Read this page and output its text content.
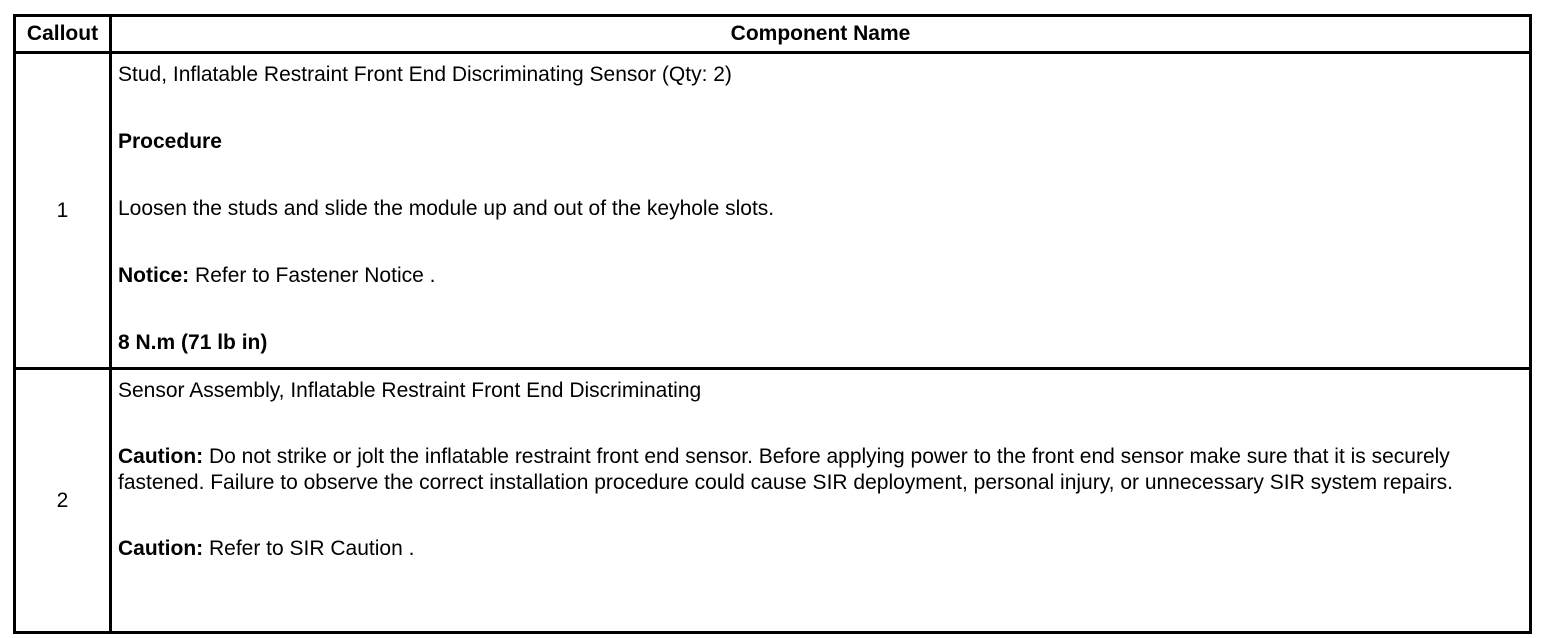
Callout	Component Name
1	Stud, Inflatable Restraint Front End Discriminating Sensor (Qty: 2)

Procedure

Loosen the studs and slide the module up and out of the keyhole slots.

Notice: Refer to Fastener Notice .

8 N.m (71 lb in)

2	Sensor Assembly, Inflatable Restraint Front End Discriminating

Caution: Do not strike or jolt the inflatable restraint front end sensor. Before applying power to the front end sensor make sure that it is securely fastened. Failure to observe the correct installation procedure could cause SIR deployment, personal injury, or unnecessary SIR system repairs.

Caution: Refer to SIR Caution .
